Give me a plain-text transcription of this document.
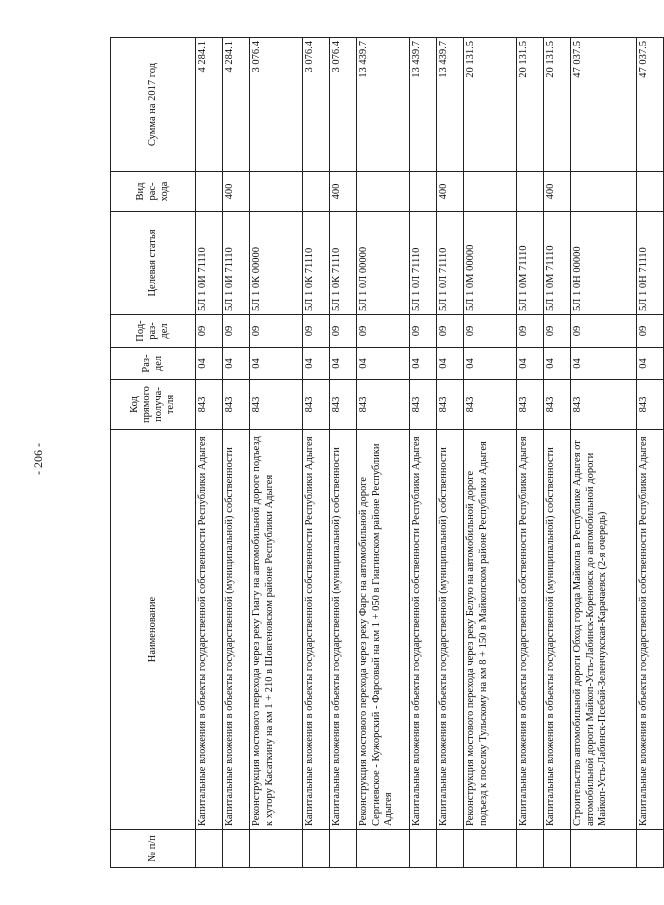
- 206 -
№ п/п	Наименование	Код прямого получа-теля	Раз-дел	Под-раз-дел	Целевая статья	Вид рас-хода	Сумма на 2017 год
	Капитальные вложения в объекты государственной собственности Республики Адыгея	843	04	09	5Л 1 0И 71110		4 284.1
	Капитальные вложения в объекты государственной (муниципальной) собственности	843	04	09	5Л 1 0И 71110	400	4 284.1
	Реконструкция мостового перехода через реку Гиагу на автомобильной дороге подъезд к хутору Касаткину на км 1 + 210 в Шовгеновском районе Республики Адыгея	843	04	09	5Л 1 0К 00000		3 076.4
	Капитальные вложения в объекты государственной собственности Республики Адыгея	843	04	09	5Л 1 0К 71110		3 076.4
	Капитальные вложения в объекты государственной (муниципальной) собственности	843	04	09	5Л 1 0К 71110	400	3 076.4
	Реконструкция мостового перехода через реку Фарс на автомобильной дороге Сергиевское - Кужорский - Фарсовый на км 1 + 050 в Гиагинском районе Республики Адыгея	843	04	09	5Л 1 0Л 00000		13 439.7
	Капитальные вложения в объекты государственной собственности Республики Адыгея	843	04	09	5Л 1 0Л 71110		13 439.7
	Капитальные вложения в объекты государственной (муниципальной) собственности	843	04	09	5Л 1 0Л 71110	400	13 439.7
	Реконструкция мостового перехода через реку Белую на автомобильной дороге подъезд к поселку Тульскому на км 8 + 150 в Майкопском районе Республики Адыгея	843	04	09	5Л 1 0М 00000		20 131.5
	Капитальные вложения в объекты государственной собственности Республики Адыгея	843	04	09	5Л 1 0М 71110		20 131.5
	Капитальные вложения в объекты государственной (муниципальной) собственности	843	04	09	5Л 1 0М 71110	400	20 131.5
	Строительство автомобильной дороги Обход города Майкопа в Республике Адыгея от автомобильной дороги Майкоп-Усть-Лабинск-Кореновск до автомобильной дороги Майкоп-Усть-Лабинск-Псебай-Зеленчукская-Карачаевск (2-я очередь)	843	04	09	5Л 1 0Н 00000		47 037.5
	Капитальные вложения в объекты государственной собственности Республики Адыгея	843	04	09	5Л 1 0Н 71110		47 037.5
